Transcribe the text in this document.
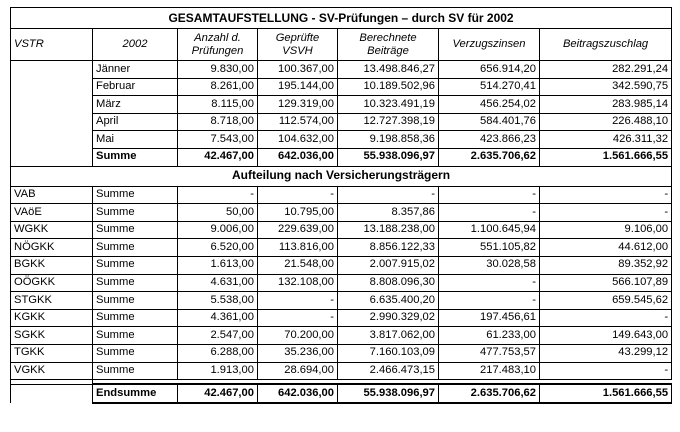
GESAMTAUFSTELLUNG - SV-Prüfungen – durch SV für 2002						
VSTR	2002	Anzahl d. Prüfungen	Geprüfte VSVH	Berechnete Beiträge	Verzugszinsen	Beitragszuschlag
	Jänner	9.830,00	100.367,00	13.498.846,27	656.914,20	282.291,24
	Februar	8.261,00	195.144,00	10.189.502,96	514.270,41	342.590,75
	März	8.115,00	129.319,00	10.323.491,19	456.254,02	283.985,14
	April	8.718,00	112.574,00	12.727.398,19	584.401,76	226.488,10
	Mai	7.543,00	104.632,00	9.198.858,36	423.866,23	426.311,32
	Summe	42.467,00	642.036,00	55.938.096,97	2.635.706,62	1.561.666,55
Aufteilung nach Versicherungsträgern						
VAB	Summe	-	-	-	-	-
VAöE	Summe	50,00	10.795,00	8.357,86	-	-
WGKK	Summe	9.006,00	229.639,00	13.188.238,00	1.100.645,94	9.106,00
NÖGKK	Summe	6.520,00	113.816,00	8.856.122,33	551.105,82	44.612,00
BGKK	Summe	1.613,00	21.548,00	2.007.915,02	30.028,58	89.352,92
OÖGKK	Summe	4.631,00	132.108,00	8.808.096,30	-	566.107,89
STGKK	Summe	5.538,00	-	6.635.400,20	-	659.545,62
KGKK	Summe	4.361,00	-	2.990.329,02	197.456,61	-
SGKK	Summe	2.547,00	70.200,00	3.817.062,00	61.233,00	149.643,00
TGKK	Summe	6.288,00	35.236,00	7.160.103,09	477.753,57	43.299,12
VGKK	Summe	1.913,00	28.694,00	2.466.473,15	217.483,10	-

	Endsumme	42.467,00	642.036,00	55.938.096,97	2.635.706,62	1.561.666,55
